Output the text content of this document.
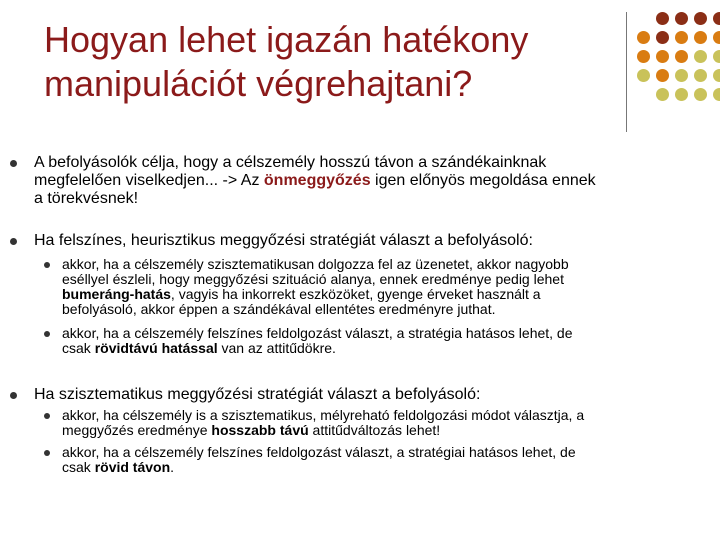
Hogyan lehet igazán hatékony
manipulációt végrehajtani?
A befolyásolók célja, hogy a célszemély hosszú távon a szándékainknak
megfelelően viselkedjen... -> Az önmeggyőzés igen előnyös megoldása ennek
a törekvésnek!
Ha felszínes, heurisztikus meggyőzési stratégiát választ a befolyásoló:
akkor, ha a célszemély szisztematikusan dolgozza fel az üzenetet, akkor nagyobb
eséllyel észleli, hogy meggyőzési szituáció alanya, ennek eredménye pedig lehet
bumeráng-hatás, vagyis ha inkorrekt eszközöket, gyenge érveket használt a
befolyásoló, akkor éppen a szándékával ellentétes eredményre juthat.
akkor, ha a célszemély felszínes feldolgozást választ, a stratégia hatásos lehet, de
csak rövidtávú hatással van az attitűdökre.
Ha szisztematikus meggyőzési stratégiát választ a befolyásoló:
akkor, ha célszemély is a szisztematikus, mélyreható feldolgozási módot választja, a
meggyőzés eredménye hosszabb távú attitűdváltozás lehet!
akkor, ha a célszemély felszínes feldolgozást választ, a stratégiai hatásos lehet, de
csak rövid távon.
